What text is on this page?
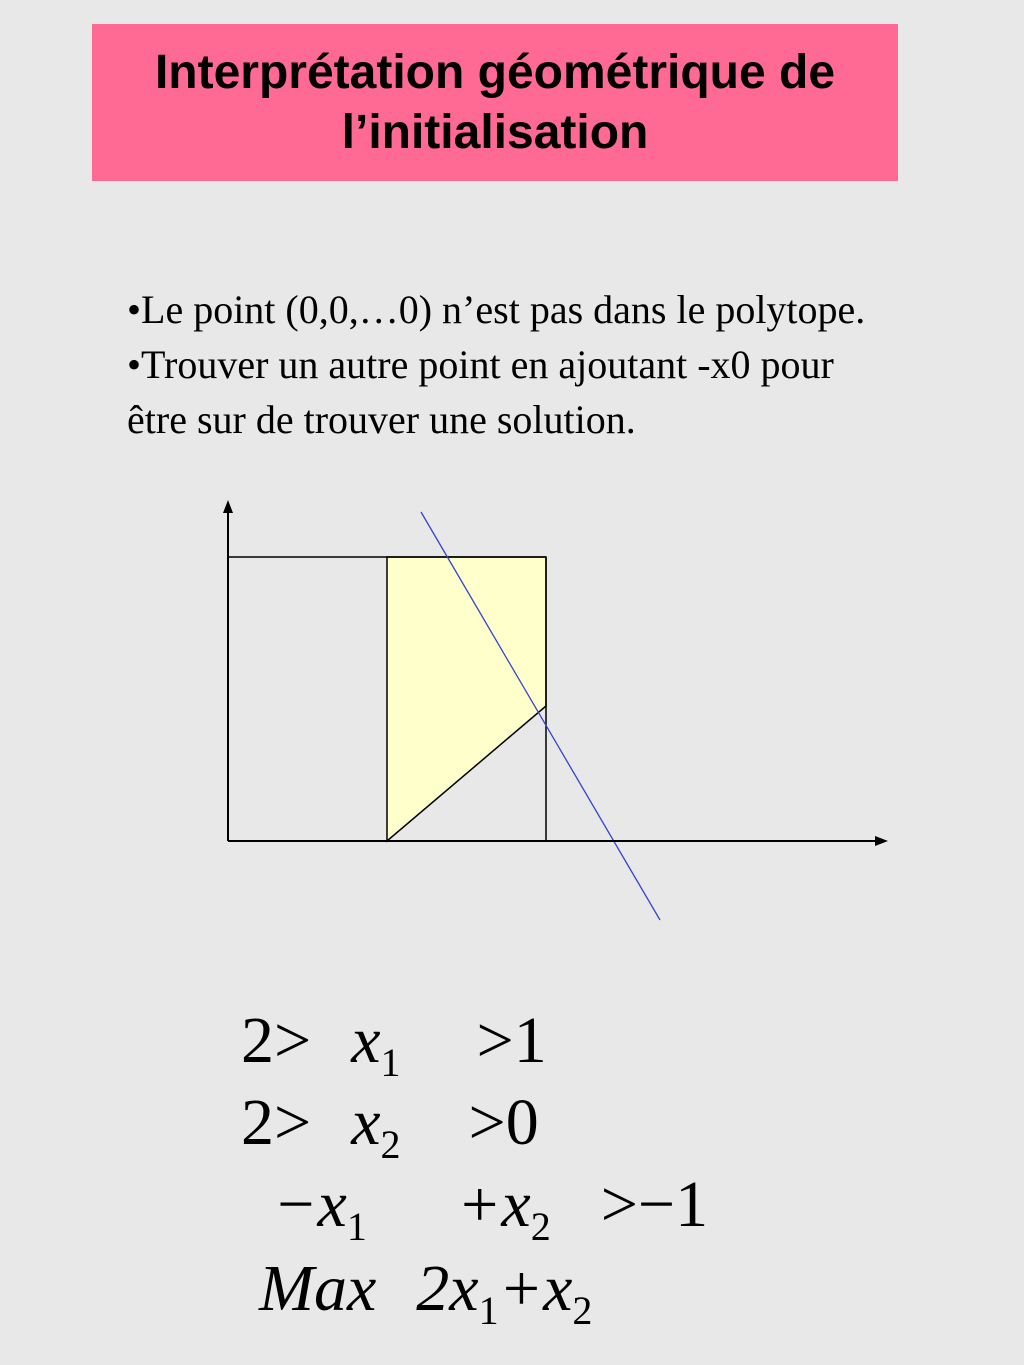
Interprétation géométrique de
l’initialisation

•Le point (0,0,…0) n’est pas dans le polytope.

•Trouver un autre point en ajoutant -x0 pour être sur de trouver une solution.

$2> x_1 >1$

$2> x_2 >0$

$-x_1 +x_2 >-1$

Max $2x_1+x_2$
